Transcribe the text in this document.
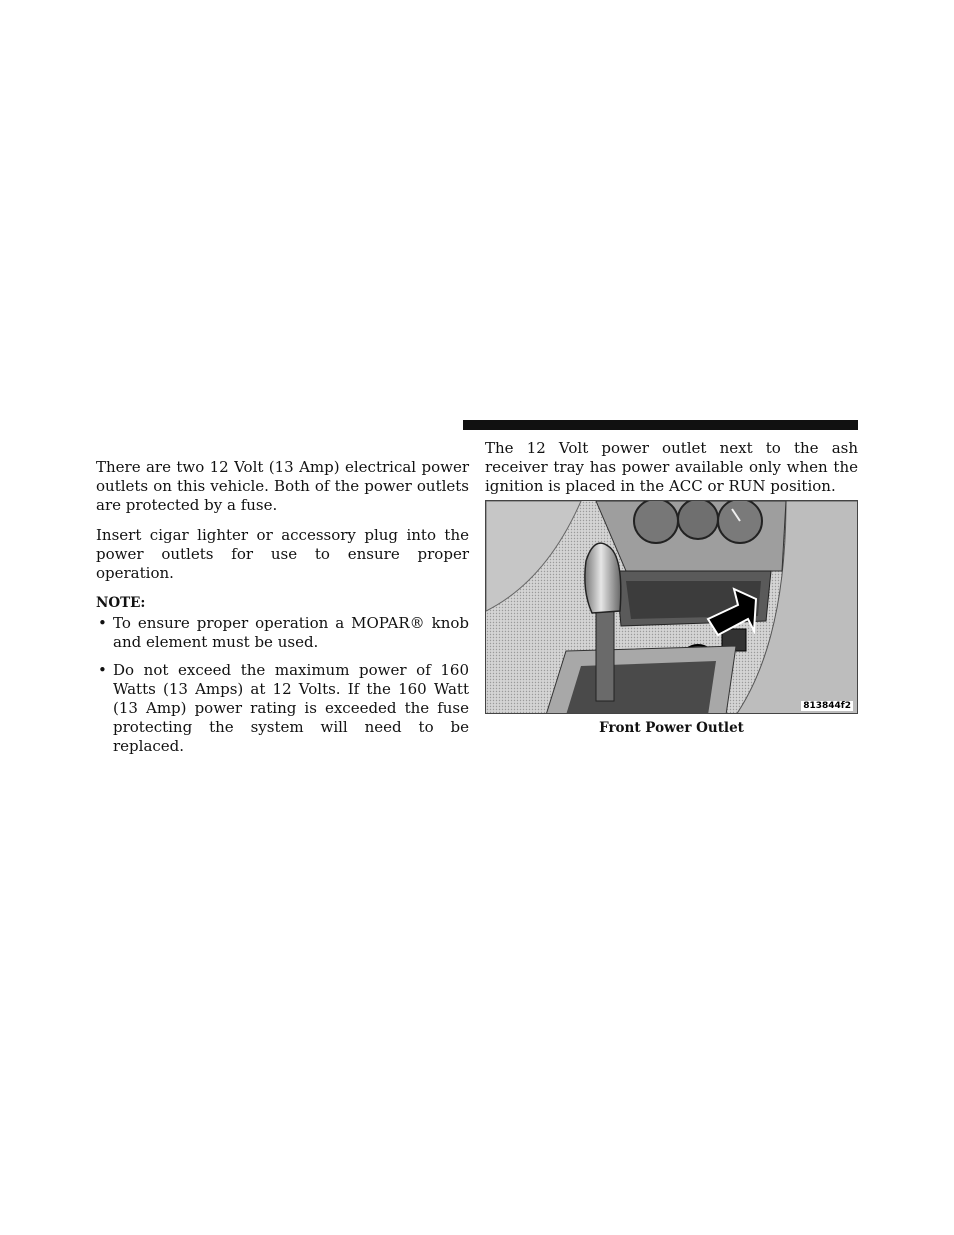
There are two 12 Volt (13 Amp) electrical power outlets on this vehicle. Both of the power outlets are protected by a fuse.

Insert cigar lighter or accessory plug into the power outlets for use to ensure proper operation.

NOTE:
• To ensure proper operation a MOPAR® knob and element must be used.
• Do not exceed the maximum power of 160 Watts (13 Amps) at 12 Volts. If the 160 Watt (13 Amp) power rating is exceeded the fuse protecting the system will need to be replaced.

The 12 Volt power outlet next to the ash receiver tray has power available only when the ignition is placed in the ACC or RUN position.

813844f2
Front Power Outlet
